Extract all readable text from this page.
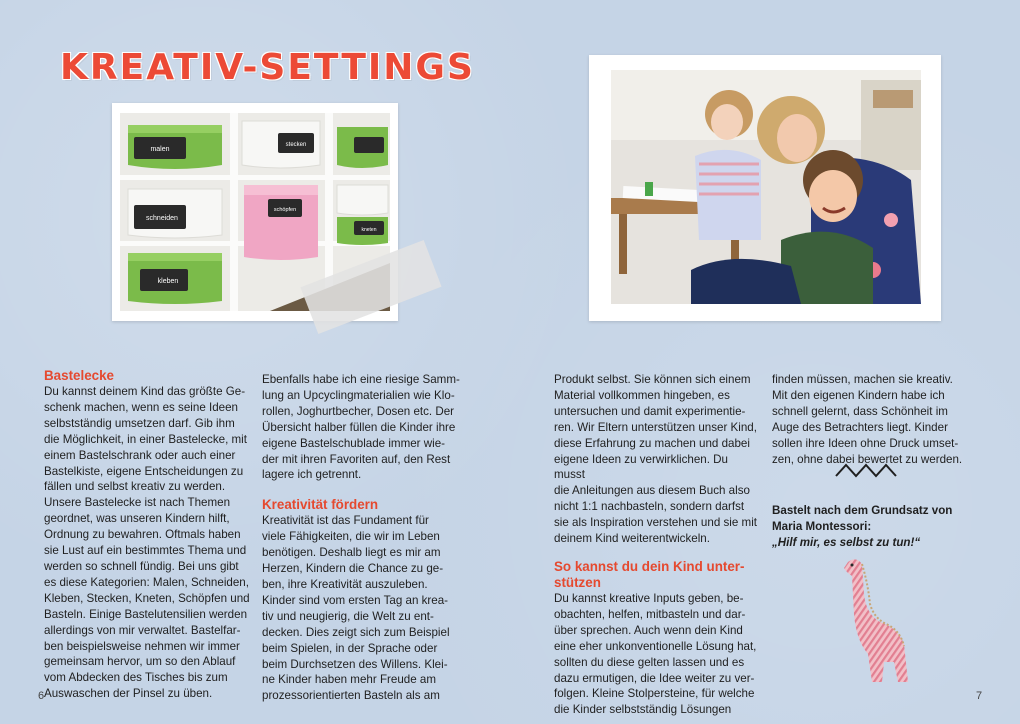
KREATIV-SETTINGS
malen
schneiden
kleben
stecken
schöpfen
kneten

Bastelecke

Du kannst deinem Kind das größte Ge-

schenk machen, wenn es seine Ideen

selbstständig umsetzen darf. Gib ihm

die Möglichkeit, in einer Bastelecke, mit

einem Bastelschrank oder auch einer

Bastelkiste, eigene Entscheidungen zu

fällen und selbst kreativ zu werden.

Unsere Bastelecke ist nach Themen

geordnet, was unseren Kindern hilft,

Ordnung zu bewahren. Oftmals haben

sie Lust auf ein bestimmtes Thema und

werden so schnell fündig. Bei uns gibt

es diese Kategorien: Malen, Schneiden,

Kleben, Stecken, Kneten, Schöpfen und

Basteln. Einige Bastelutensilien werden

allerdings von mir verwaltet. Bastelfar-

ben beispielsweise nehmen wir immer

gemeinsam hervor, um so den Ablauf

vom Abdecken des Tisches bis zum

Auswaschen der Pinsel zu üben.

Ebenfalls habe ich eine riesige Samm-

lung an Upcyclingmaterialien wie Klo-

rollen, Joghurtbecher, Dosen etc. Der

Übersicht halber füllen die Kinder ihre

eigene Bastelschublade immer wie-

der mit ihren Favoriten auf, den Rest

lagere ich getrennt.

Kreativität fördern

Kreativität ist das Fundament für

viele Fähigkeiten, die wir im Leben

benötigen. Deshalb liegt es mir am

Herzen, Kindern die Chance zu ge-

ben, ihre Kreativität auszuleben.

Kinder sind vom ersten Tag an krea-

tiv und neugierig, die Welt zu ent-

decken. Dies zeigt sich zum Beispiel

beim Spielen, in der Sprache oder

beim Durchsetzen des Willens. Klei-

ne Kinder haben mehr Freude am

prozessorientierten Basteln als am

Produkt selbst. Sie können sich einem

Material vollkommen hingeben, es

untersuchen und damit experimentie-

ren. Wir Eltern unterstützen unser Kind,

diese Erfahrung zu machen und dabei

eigene Ideen zu verwirklichen. Du musst

die Anleitungen aus diesem Buch also

nicht 1:1 nachbasteln, sondern darfst

sie als Inspiration verstehen und sie mit

deinem Kind weiterentwickeln.

So kannst du dein Kind unter-

stützen

Du kannst kreative Inputs geben, be-

obachten, helfen, mitbasteln und dar-

über sprechen. Auch wenn dein Kind

eine eher unkonventionelle Lösung hat,

sollten du diese gelten lassen und es

dazu ermutigen, die Idee weiter zu ver-

folgen. Kleine Stolpersteine, für welche

die Kinder selbstständig Lösungen

finden müssen, machen sie kreativ.

Mit den eigenen Kindern habe ich

schnell gelernt, dass Schönheit im

Auge des Betrachters liegt. Kinder

sollen ihre Ideen ohne Druck umset-

zen, ohne dabei bewertet zu werden.

Bastelt nach dem Grundsatz von

Maria Montessori:

„Hilf mir, es selbst zu tun!“

6	7
